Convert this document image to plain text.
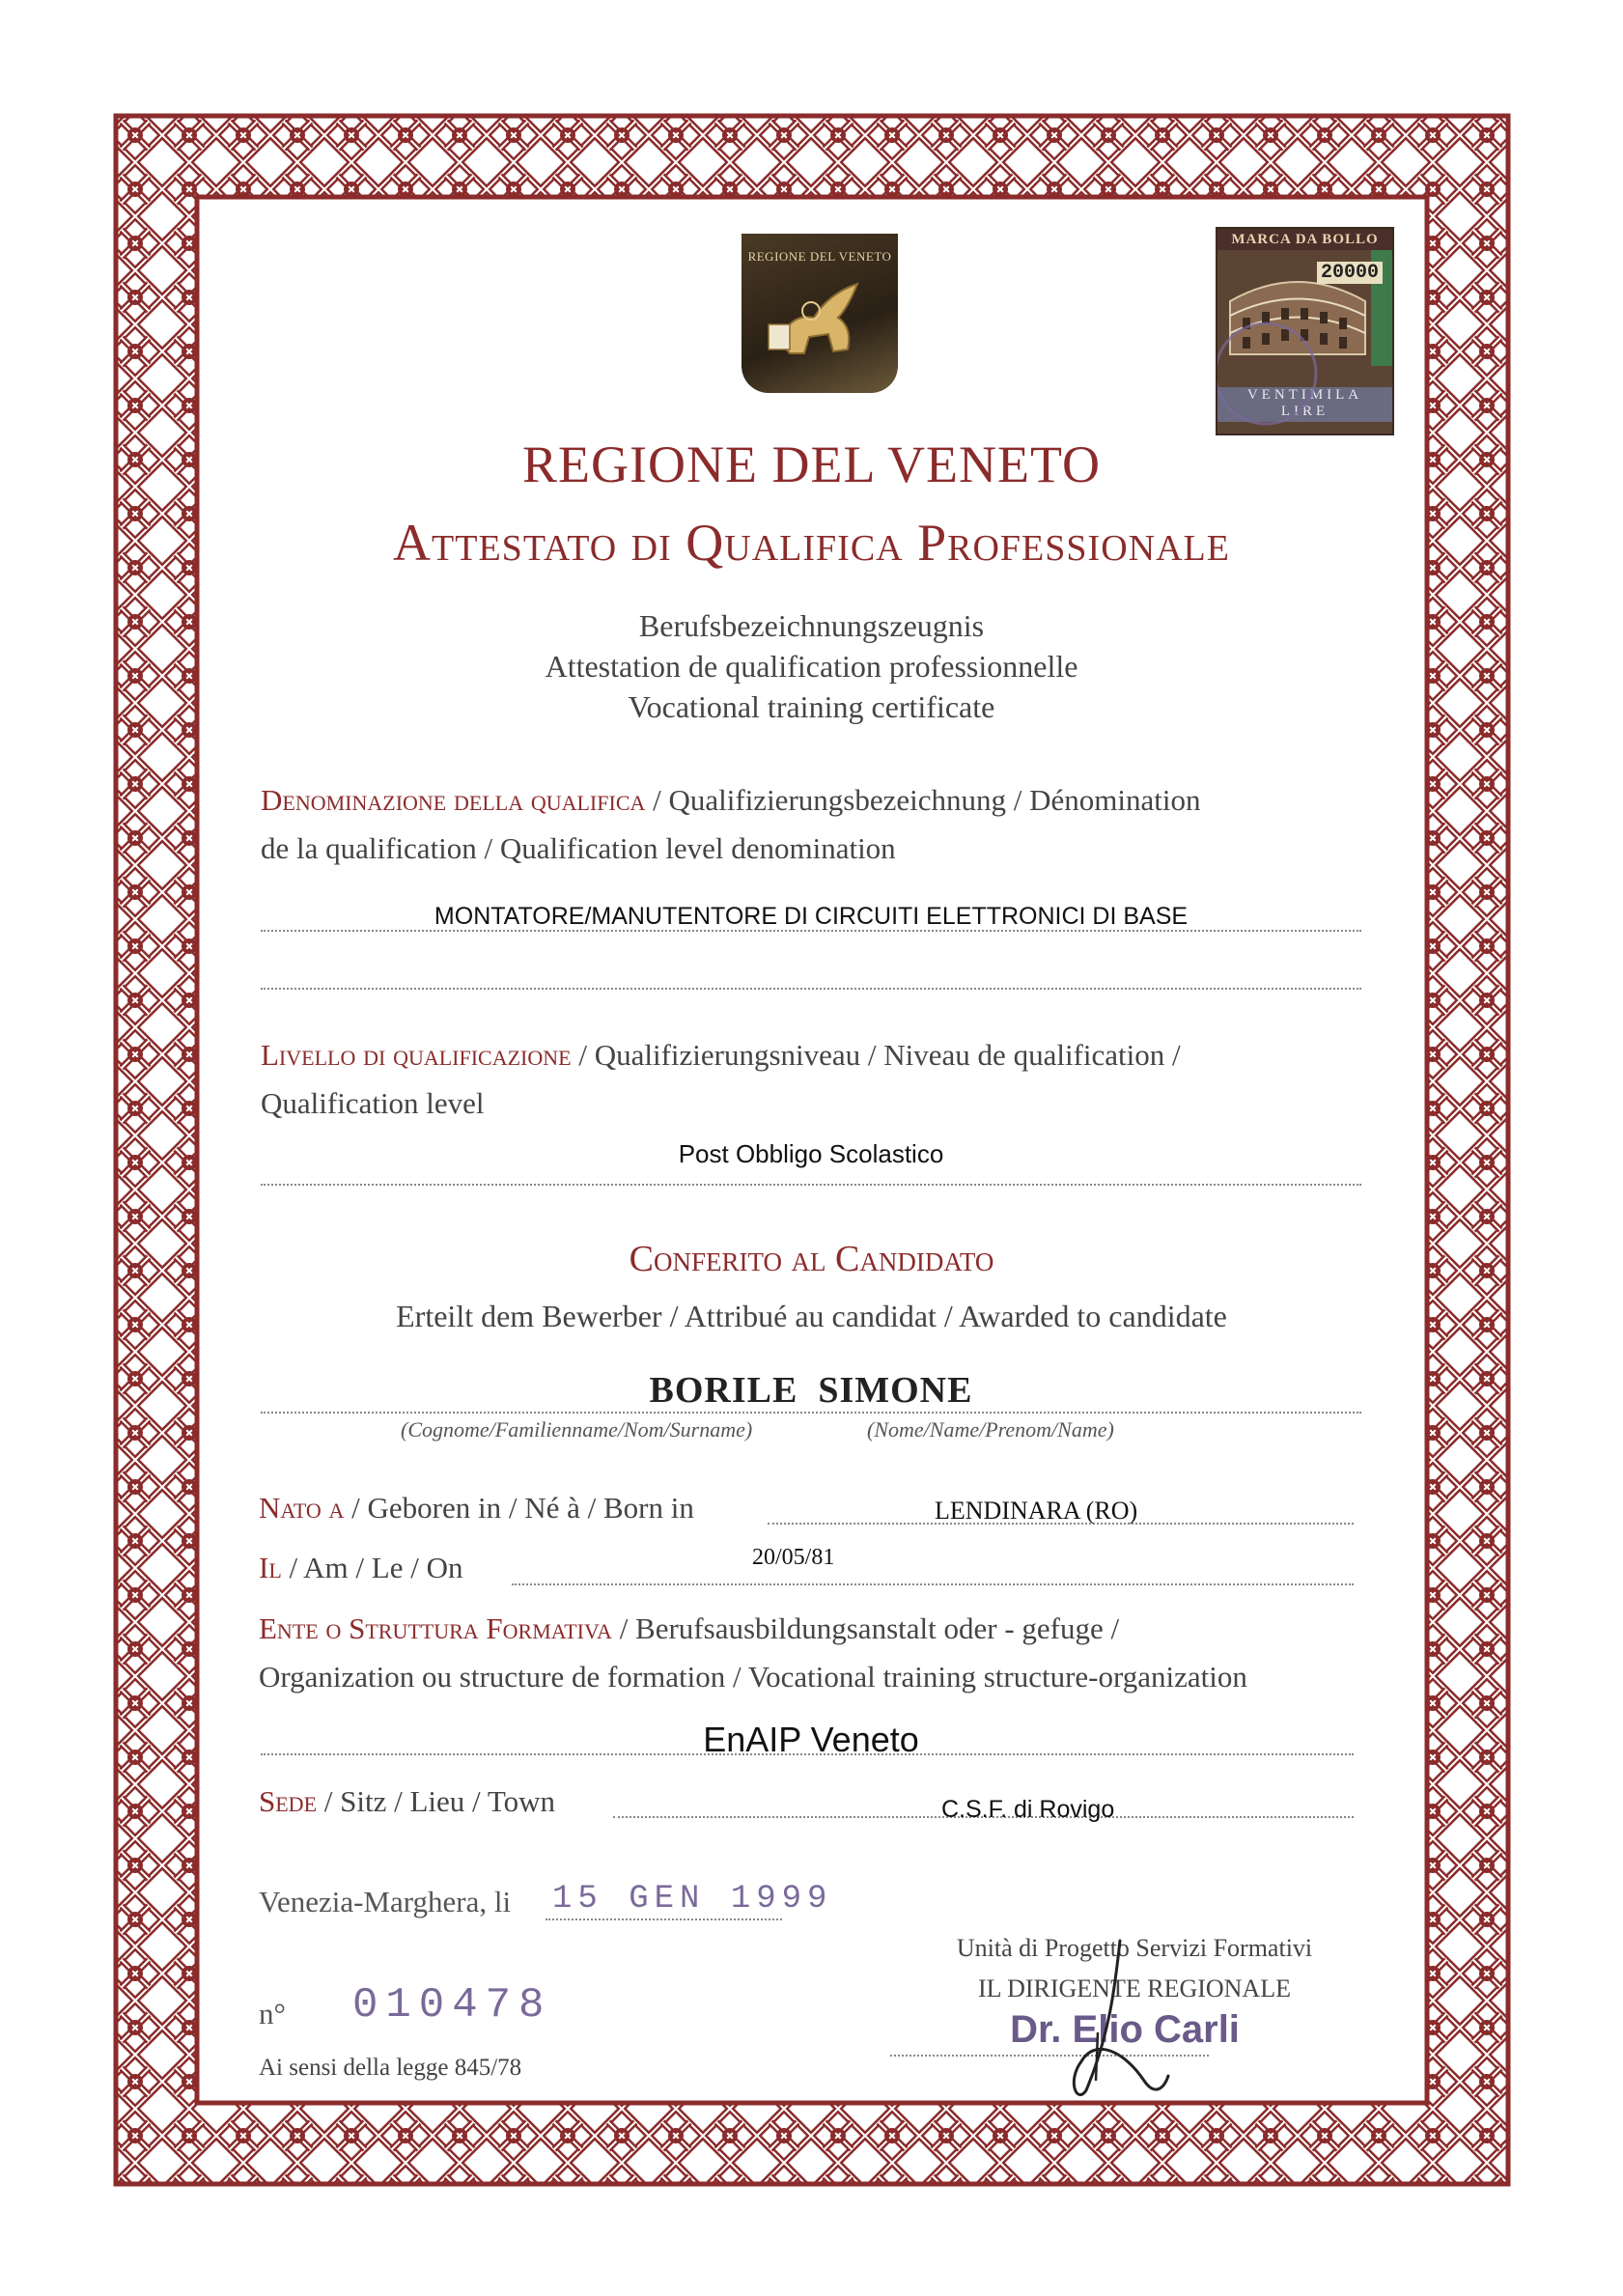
REGIONE DEL VENETO
MARCA DA BOLLO
20000
VENTIMILA
LIRE
REGIONE DEL VENETO
Attestato di Qualifica Professionale
Berufsbezeichnungszeugnis
Attestation de qualification professionnelle
Vocational training certificate
Denominazione della qualifica / Qualifizierungsbezeichnung / Dénomination
de la qualification / Qualification level denomination
MONTATORE/MANUTENTORE DI CIRCUITI ELETTRONICI DI BASE
Livello di qualificazione / Qualifizierungsniveau / Niveau de qualification /
Qualification level
Post Obbligo Scolastico
Conferito al Candidato
Erteilt dem Bewerber / Attribué au candidat / Awarded to candidate
BORILE  SIMONE
(Cognome/Familienname/Nom/Surname)	(Nome/Name/Prenom/Name)
Nato a / Geboren in / Né à / Born in	LENDINARA (RO)
Il / Am / Le / On	20/05/81
Ente o Struttura Formativa / Berufsausbildungsanstalt oder - gefuge /
Organization ou structure de formation / Vocational training structure-organization
EnAIP Veneto
Sede / Sitz / Lieu / Town	C.S.F. di Rovigo
Venezia-Marghera, li 15 GEN 1999
n° 010478
Ai sensi della legge 845/78
Unità di Progetto Servizi Formativi
IL DIRIGENTE REGIONALE
Dr. Elio Carli
